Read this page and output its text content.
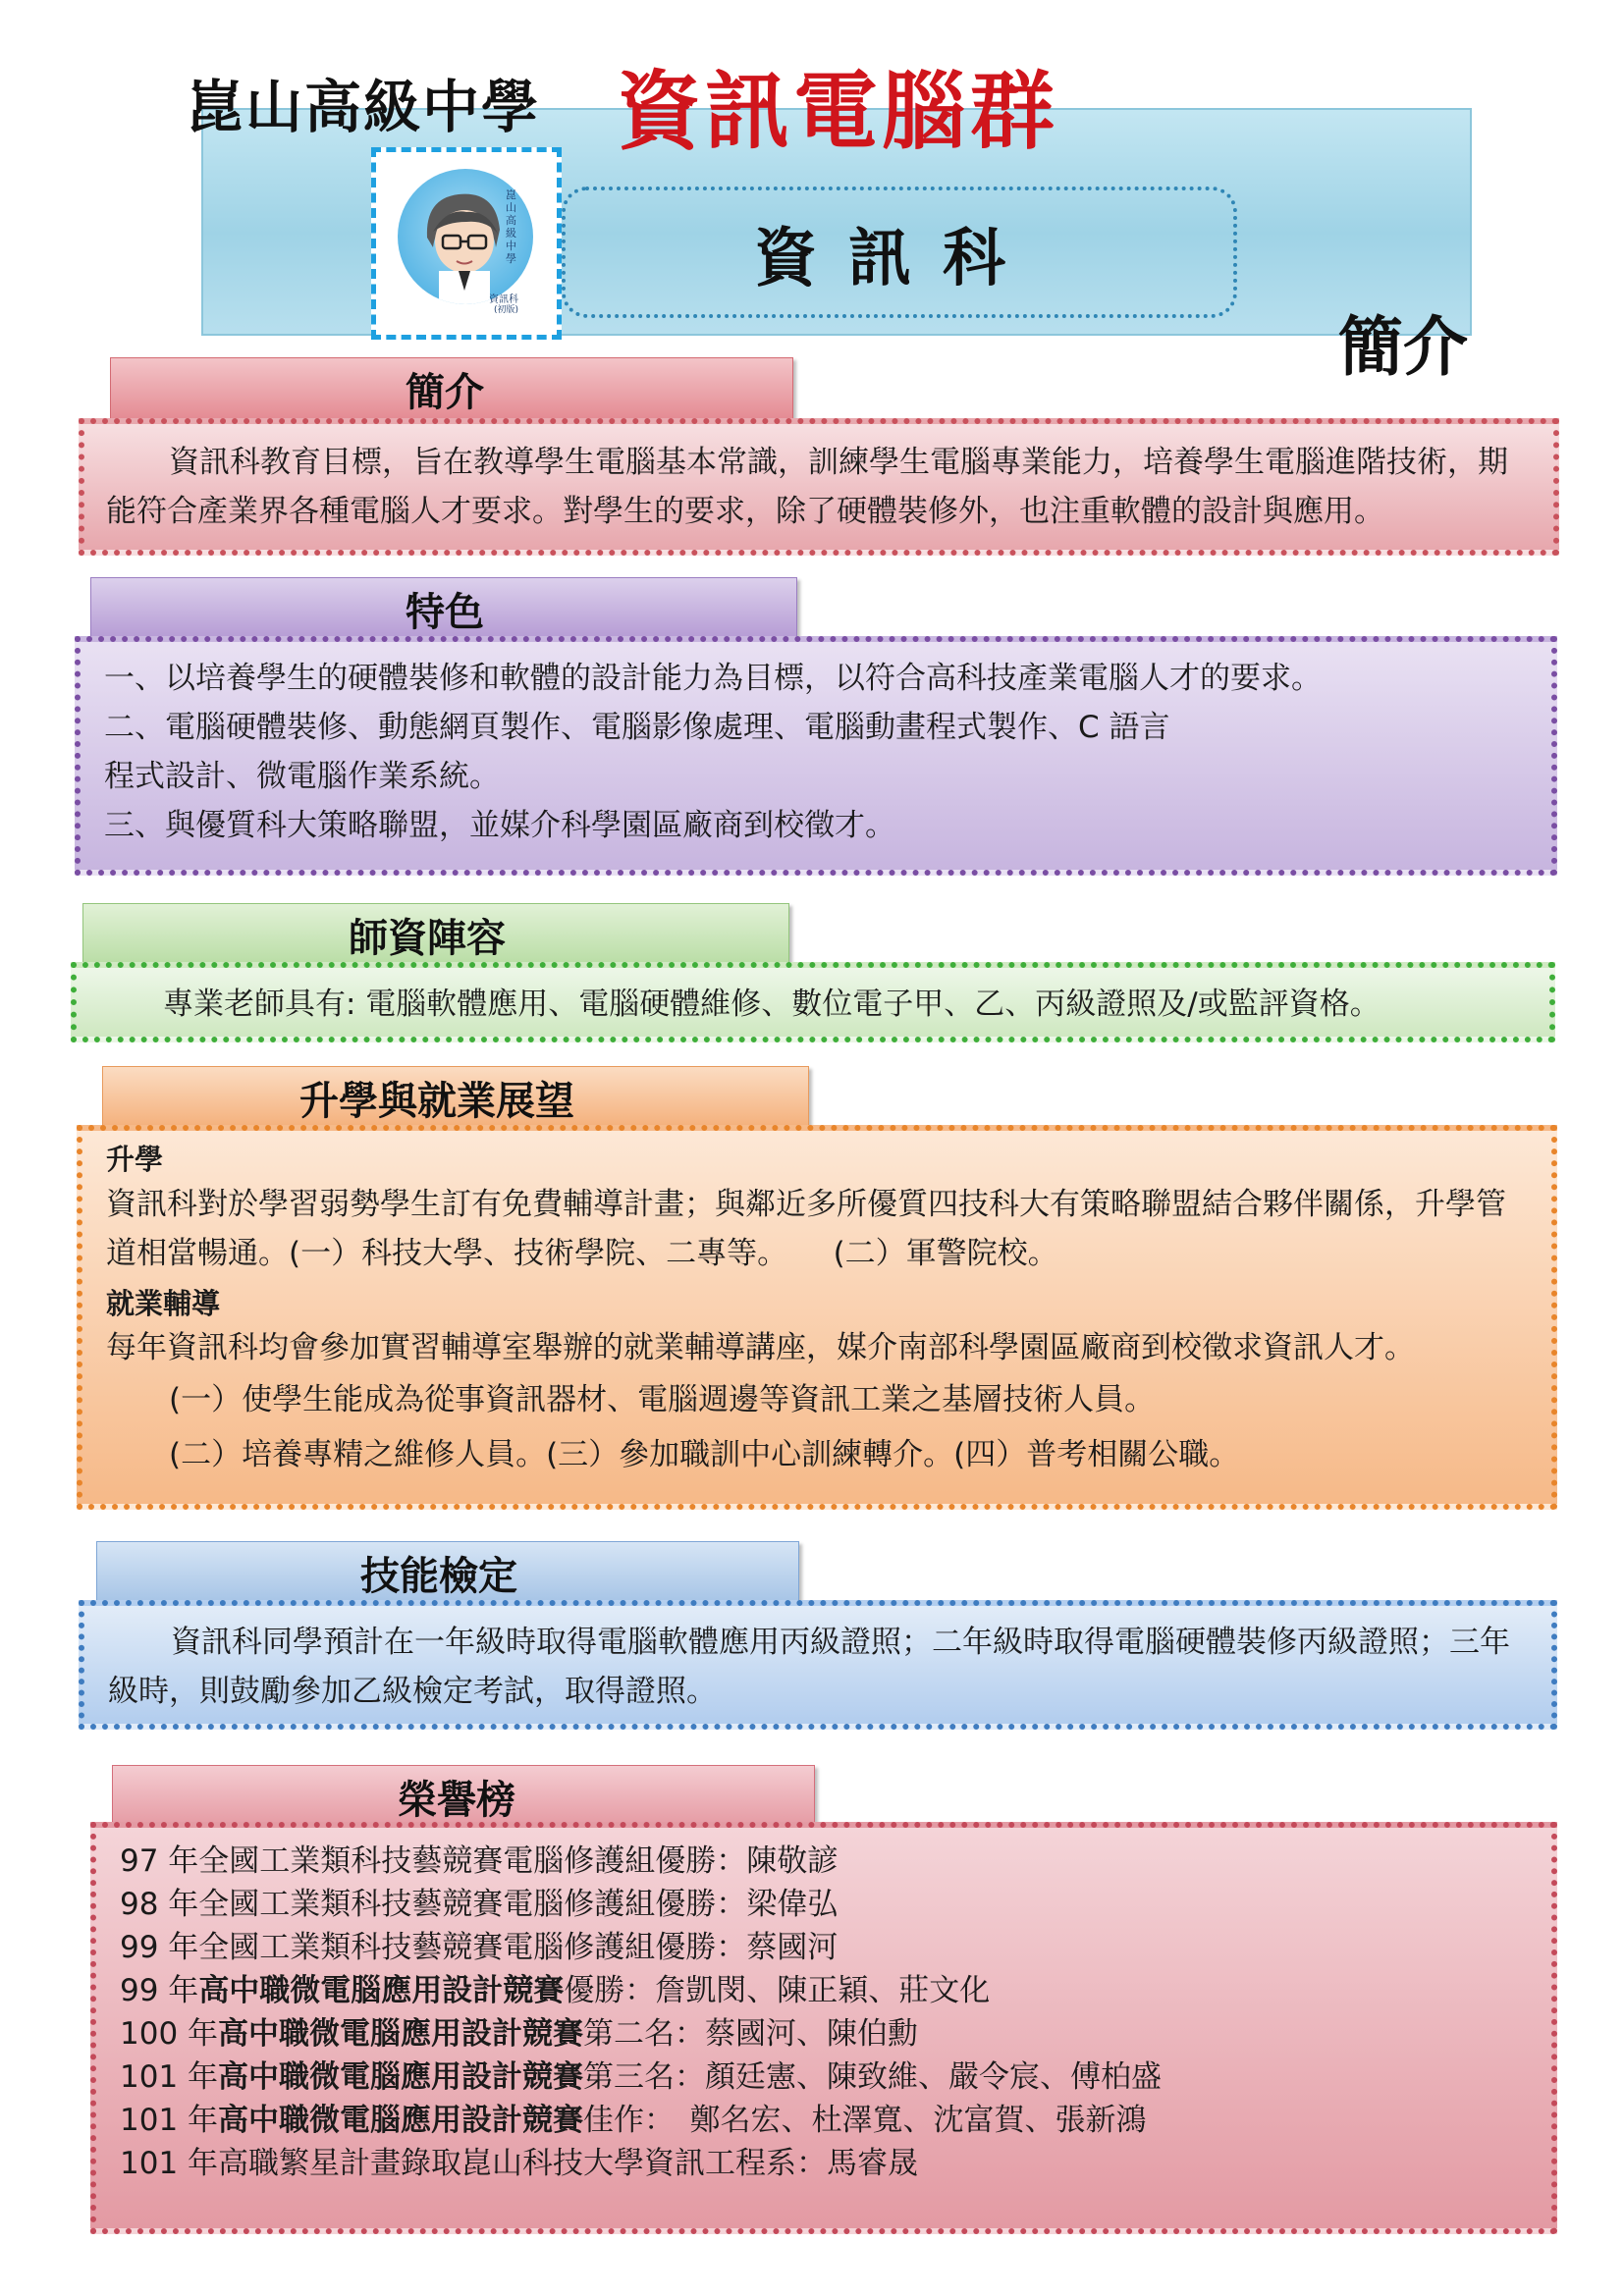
崑山高級中學 資訊電腦群
崑山高級中學
資訊科
(初版)
資訊科
簡介
簡介

資訊科教育目標，旨在教導學生電腦基本常識，訓練學生電腦專業能力，培養學生電腦進階技術，期能符合產業界各種電腦人才要求。對學生的要求，除了硬體裝修外，也注重軟體的設計與應用。

特色

一、以培養學生的硬體裝修和軟體的設計能力為目標，以符合高科技產業電腦人才的要求。

二、電腦硬體裝修、動態網頁製作、電腦影像處理、電腦動畫程式製作、C 語言

程式設計、微電腦作業系統。

三、與優質科大策略聯盟，並媒介科學園區廠商到校徵才。

師資陣容

專業老師具有: 電腦軟體應用、電腦硬體維修、數位電子甲、乙、丙級證照及/或監評資格。

升學與就業展望

升學

資訊科對於學習弱勢學生訂有免費輔導計畫；與鄰近多所優質四技科大有策略聯盟結合夥伴關係，升學管道相當暢通。(一）科技大學、技術學院、二專等。　　(二）軍警院校。

就業輔導

每年資訊科均會參加實習輔導室舉辦的就業輔導講座，媒介南部科學園區廠商到校徵求資訊人才。

(一）使學生能成為從事資訊器材、電腦週邊等資訊工業之基層技術人員。

(二）培養專精之維修人員。(三）參加職訓中心訓練轉介。(四）普考相關公職。

技能檢定

資訊科同學預計在一年級時取得電腦軟體應用丙級證照；二年級時取得電腦硬體裝修丙級證照；三年級時，則鼓勵參加乙級檢定考試，取得證照。

榮譽榜

97 年全國工業類科技藝競賽電腦修護組優勝：陳敬諺

98 年全國工業類科技藝競賽電腦修護組優勝：梁偉弘

99 年全國工業類科技藝競賽電腦修護組優勝：蔡國河

99 年高中職微電腦應用設計競賽優勝：詹凱閔、陳正穎、莊文化

100 年高中職微電腦應用設計競賽第二名：蔡國河、陳伯勳

101 年高中職微電腦應用設計競賽第三名：顏廷憲、陳致維、嚴令宸、傅柏盛

101 年高中職微電腦應用設計競賽佳作：　鄭名宏、杜澤寬、沈富賀、張新鴻

101 年高職繁星計畫錄取崑山科技大學資訊工程系：馬睿晟
